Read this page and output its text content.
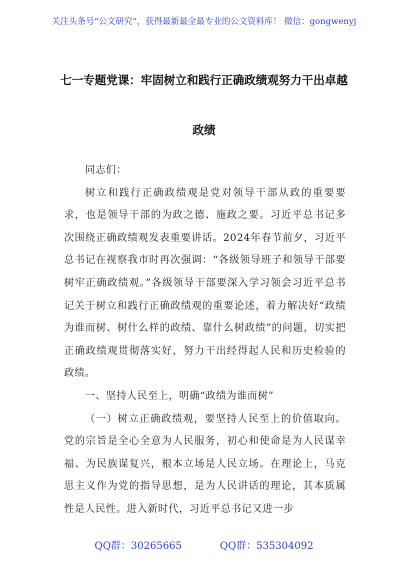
关注头条号“公文研究”，获得最新最全最专业的公文资料库！ 微信：gongwenyj
七一专题党课：牢固树立和践行正确政绩观努力干出卓越
政绩

同志们：

树立和践行正确政绩观是党对领导干部从政的重要要求，也是领导干部的为政之德、施政之要。习近平总书记多次围绕正确政绩观发表重要讲话。2024年春节前夕，习近平总书记在视察我市时再次强调：“各级领导班子和领导干部要树牢正确政绩观。”各级领导干部要深入学习领会习近平总书记关于树立和践行正确政绩观的重要论述，着力解决好“政绩为谁而树、树什么样的政绩、靠什么树政绩”的问题，切实把正确政绩观贯彻落实好，努力干出经得起人民和历史检验的政绩。

一、坚持人民至上，明确“政绩为谁而树”

（一）树立正确政绩观，要坚持人民至上的价值取向。党的宗旨是全心全意为人民服务，初心和使命是为人民谋幸福、为民族谋复兴，根本立场是人民立场。在理论上，马克思主义作为党的指导思想，是为人民讲话的理论，其本质属性是人民性。进入新时代，习近平总书记又进一步

QQ群：30265665	QQ群：535304092
